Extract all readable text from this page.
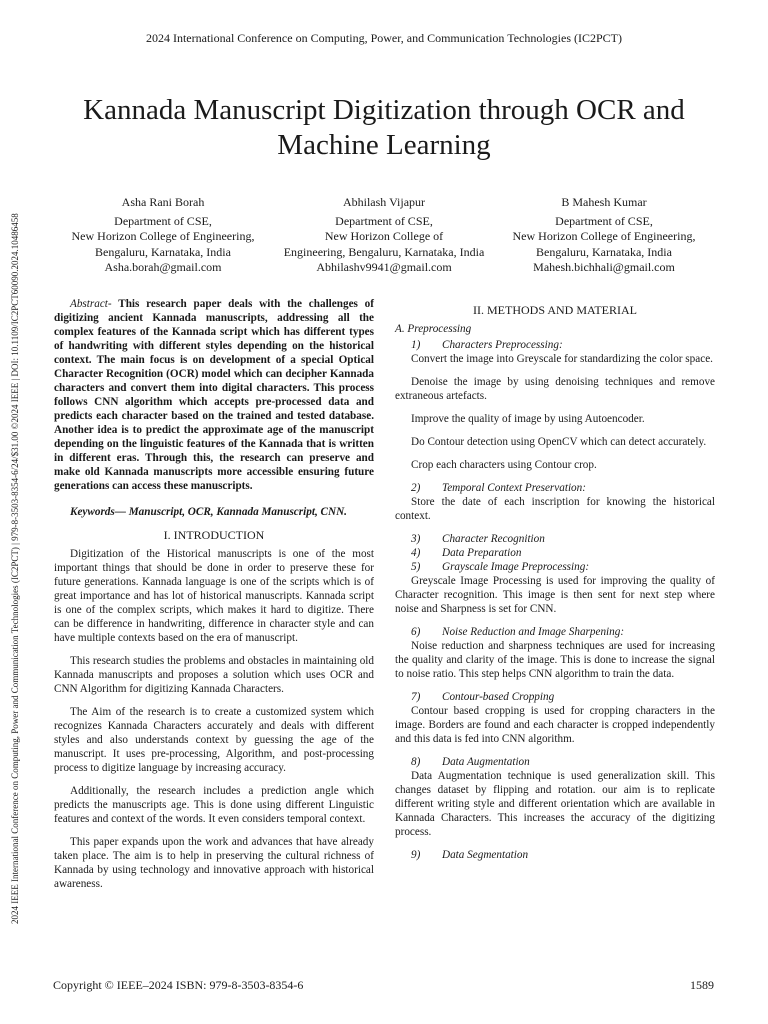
2024 International Conference on Computing, Power, and Communication Technologies (IC2PCT)
2024 IEEE International Conference on Computing, Power and Communication Technologies (IC2PCT) | 979-8-3503-8354-6/24/$31.00 ©2024 IEEE | DOI: 10.1109/IC2PCT60090.2024.10486458
Kannada Manuscript Digitization through OCR and Machine Learning
Asha Rani Borah
Department of CSE,
New Horizon College of Engineering,
Bengaluru, Karnataka, India
Asha.borah@gmail.com
Abhilash Vijapur
Department of CSE,
New Horizon College of
Engineering, Bengaluru, Karnataka, India
Abhilashv9941@gmail.com
B Mahesh Kumar
Department of CSE,
New Horizon College of Engineering,
Bengaluru, Karnataka, India
Mahesh.bichhali@gmail.com

Abstract- This research paper deals with the challenges of digitizing ancient Kannada manuscripts, addressing all the complex features of the Kannada script which has different types of handwriting with different styles depending on the historical context. The main focus is on development of a special Optical Character Recognition (OCR) model which can decipher Kannada characters and convert them into digital characters. This process follows CNN algorithm which accepts pre-processed data and predicts each character based on the trained and tested database. Another idea is to predict the approximate age of the manuscript depending on the linguistic features of the Kannada that is written in different eras. Through this, the research can preserve and make old Kannada manuscripts more accessible ensuring future generations can access these manuscripts.

Keywords— Manuscript, OCR, Kannada Manuscript, CNN.

I. INTRODUCTION

Digitization of the Historical manuscripts is one of the most important things that should be done in order to preserve these for future generations. Kannada language is one of the scripts which is of great importance and has lot of historical manuscripts. Kannada script is one of the complex scripts, which makes it hard to digitize. There can be difference in handwriting, difference in character style and can have multiple contexts based on the era of manuscript.

This research studies the problems and obstacles in maintaining old Kannada manuscripts and proposes a solution which uses OCR and CNN Algorithm for digitizing Kannada Characters.

The Aim of the research is to create a customized system which recognizes Kannada Characters accurately and deals with different styles and also understands context by guessing the age of the manuscript. It uses pre-processing, Algorithm, and post-processing process to digitize language by increasing accuracy.

Additionally, the research includes a prediction angle which predicts the manuscripts age. This is done using different Linguistic features and context of the words. It even considers temporal context.

This paper expands upon the work and advances that have already taken place. The aim is to help in preserving the cultural richness of Kannada by using technology and innovative approach with historical awareness.

II. METHODS AND MATERIAL
A. Preprocessing
1) Characters Preprocessing:

Convert the image into Greyscale for standardizing the color space.

Denoise the image by using denoising techniques and remove extraneous artefacts.

Improve the quality of image by using Autoencoder.

Do Contour detection using OpenCV which can detect accurately.

Crop each characters using Contour crop.

2) Temporal Context Preservation:

Store the date of each inscription for knowing the historical context.

3) Character Recognition
4) Data Preparation
5) Grayscale Image Preprocessing:

Greyscale Image Processing is used for improving the quality of Character recognition. This image is then sent for next step where noise and Sharpness is set for CNN.

6) Noise Reduction and Image Sharpening:

Noise reduction and sharpness techniques are used for increasing the quality and clarity of the image. This is done to increase the signal to noise ratio. This step helps CNN algorithm to train the data.

7) Contour-based Cropping

Contour based cropping is used for cropping characters in the image. Borders are found and each character is cropped independently and this data is fed into CNN algorithm.

8) Data Augmentation

Data Augmentation technique is used generalization skill. This changes dataset by flipping and rotation. our aim is to replicate different writing style and different orientation which are available in Kannada Characters. This increases the accuracy of the digitizing process.

9) Data Segmentation
Copyright © IEEE–2024 ISBN: 979-8-3503-8354-6	1589
